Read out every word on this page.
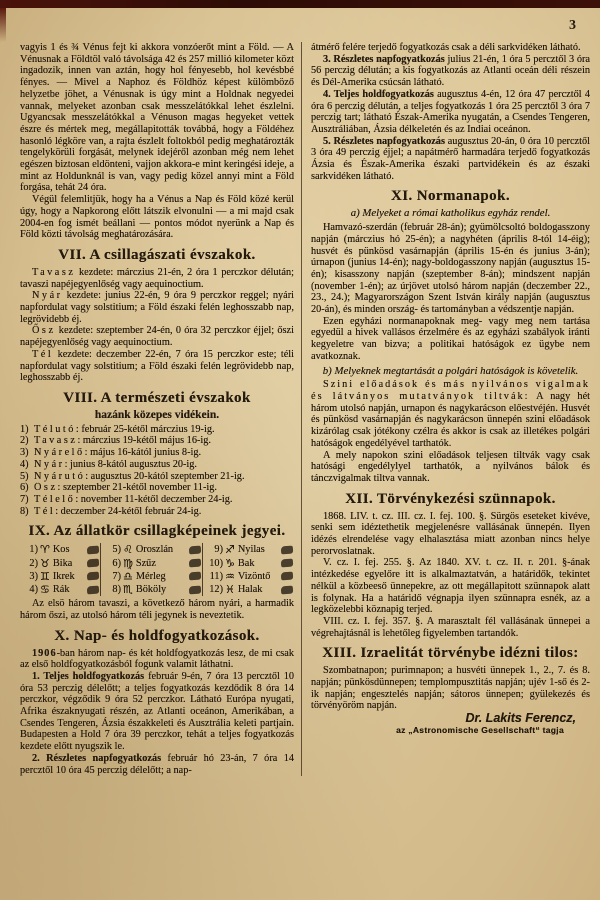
3

vagyis 1 és ¾ Vénus fejt ki akkora vonzóerőt mint a Föld. — A Vénusnak a Földtöl való távolsága 42 és 257 millió kilometer közt ingadozik, innen van aztán, hogy hol fényesebb, hol kevésbbé fényes. — Mivel a Naphoz és Földhöz képest külömböző helyzetbe jöhet, a Vénusnak is úgy mint a Holdnak negyedei vannak, melyeket azonban csak messzelátókkal lehet észlelni. Ugyancsak messzelátókkal a Vénuson magas hegyeket vettek észre és mértek meg, megállapitották továbbá, hogy a Földéhez hasonló légköre van, a rajta észlelt foltokból pedig meghatározták tengelykörüli forgását, melynek idejéről azonban még nem lehet egészen biztosan eldönteni, vajjon akkora-e mint keringési ideje, a mint az Holdunknál is van, vagy pedig közel annyi mint a Föld forgása, tehát 24 óra.

Végül felemlitjük, hogy ha a Vénus a Nap és Föld közé kerül úgy, hogy a Napkorong előtt látszik elvonulni — a mi majd csak 2004-en fog ismét beállani — pontos módot nyerünk a Nap és Föld közti távolság meghatározására.

VII. A csillagászati évszakok.

Tavasz kezdete: márczius 21-én, 2 óra 1 perczkor délután; tavaszi napéjegyenlőség vagy aequinoctium.

Nyár kezdete: junius 22-én, 9 óra 9 perczkor reggel; nyári napfordulat vagy solstitium; a Föld északi felén leghosszabb nap, legrövidebb éj.

Ősz kezdete: szeptember 24-én, 0 óra 32 perczkor éjjel; őszi napéjegyenlőség vagy aequinoctium.

Tél kezdete: deczember 22-én, 7 óra 15 perczkor este; téli napfordulat vagy solstitium; a Föld északi felén legrövidebb nap, leghosszabb éj.

VIII. A természeti évszakok

hazánk közepes vidékein.

1) Télutó: február 25-kétől márczius 19-ig.
2) Tavasz: márczius 19-kétől május 16-ig.
3) Nyárelő: május 16-kától junius 8-ig.
4) Nyár: junius 8-kától augusztus 20-ig.
5) Nyárutó: augusztus 20-kától szeptember 21-ig.
6) Ősz: szeptember 21-kétől november 11-ig.
7) Télelő: november 11-kétől deczember 24-ig.
8) Tél: deczember 24-kétől február 24-ig.
IX. Az állatkör csillagképeinek jegyei.
1) ♈ Kos
2) ♉ Bika
3) ♊ Ikrek
4) ♋ Rák
5) ♌ Oroszlán
6) ♍ Szűz
7) ♎ Mérleg
8) ♏ Bököly
9) ♐ Nyilas
10) ♑ Bak
11) ♒ Vizöntő
12) ♓ Halak

Az elsö három tavaszi, a következő három nyári, a harmadik három őszi, az utolsó három téli jegynek is neveztetik.

X. Nap- és holdfogyatkozások.

1906-ban három nap- és két holdfogyatkozás lesz, de mi csak az első holdfogyatkozásból fogunk valamit láthatni.

1. Teljes holdfogyatkozás február 9-én, 7 óra 13 percztől 10 óra 53 perczig délelőtt; a teljes fogyatkozás kezdődik 8 óra 14 perczkor, végződik 9 óra 52 perczkor. Látható Európa nyugati, Afrika északnyugati részén, az Atlanti oceánon, Amerikában, a Csendes Tengeren, Ázsia északkeleti és Ausztrália keleti partjain. Budapesten a Hold 7 óra 39 perczkor, tehát a teljes fogyatkozás kezdete előtt nyugszik le.

2. Részletes napfogyatkozás február hó 23-án, 7 óra 14 percztől 10 óra 45 perczig délelőtt; a nap-

átmérő felére terjedő fogyatkozás csak a déli sarkvidéken látható.

3. Részletes napfogyatkozás julius 21-én, 1 óra 5 percztől 3 óra 56 perczig délután; a kis fogyatkozás az Atlanti oceán déli részein és Dél-Amerika csúcsán látható.

4. Teljes holdfogyatkozás augusztus 4-én, 12 óra 47 percztől 4 óra 6 perczig délután, a teljes fogyatkozás 1 óra 25 percztől 3 óra 7 perczig tart; látható Észak-Amerika nyugatán, a Csendes Tengeren, Ausztráliában, Ázsia délkeletén és az Indiai oceánon.

5. Részletes napfogyatkozás augusztus 20-án, 0 óra 10 percztől 3 óra 49 perczig éjjel; a napátmérő harmadára terjedő fogyatkozás Ázsia és Észak-Amerika északi partvidékein és az északi sarkvidéken látható.

XI. Normanapok.

a) Melyeket a római katholikus egyház rendel.

Hamvazó-szerdán (február 28-án); gyümölcsoltó boldogasszony napján (márczius hó 25-én); a nagyhéten (április 8-tól 14-éig); husvét és pünkösd vasárnapján (április 15-én és junius 3-án); úrnapon (junius 14-én); nagy-boldogasszony napján (augusztus 15-én); kisasszony napján (szeptember 8-án); mindszent napján (november 1-én); az úrjövet utolsó három napján (deczember 22., 23., 24.); Magyarországon Szent István király napján (augusztus 20-án), és minden ország- és tartományban a védszentje napján.

Ezen egyházi normanapoknak meg- vagy meg nem tartása egyedül a hivek vallásos érzelmére és az egyházi szabályok iránti kegyeletre van bizva; a politikai hatóságok ez ügybe nem avatkoznak.

b) Melyeknek megtartását a polgári hatóságok is követelik.

Szini előadások és más nyilvános vigalmak és látványos mutatványok tiltvák: A nagy hét három utolsó napján, urnapon és nagykarácson előestvéjén. Husvét és pünkösd vasárnapján és nagykarácson ünnepén szini előadások kizárólag csak jótékony czélra és akkor is csak az illetékes polgári hatóságok engedélyével tarthatók.

A mely napokon szini előadások teljesen tiltvák vagy csak hatósági engedélylyel tarthatók, a nyilvános bálok és tánczvigalmak tiltva vannak.

XII. Törvénykezési szünnapok.

1868. LIV. t. cz. III. cz. I. fej. 100. §. Sürgös eseteket kivéve, senki sem idéztethetik megjelenésre vallásának ünnepén. Ilyen idézés elrendelése vagy elhalasztása miatt azonban nincs helye perorvoslatnak.

V. cz. I. fej. 255. §. Az 1840. XV. t. cz. II. r. 201. §-ának intézkedése egyelőre itt is alkalmaztatván, a határidők, tekintet nélkül a közbeeső ünnepekre, az ott megállapitott szünnapok alatt is folynak. Ha a határidő végnapja ilyen szünnapra esnék, az a legközelebbi köznapig terjed.

VIII. cz. I. fej. 357. §. A marasztalt fél vallásának ünnepei a végrehajtásnál is lehetőleg figyelemben tartandók.

XIII. Izraelitát törvénybe idézni tilos:

Szombatnapon; purimnapon; a husvéti ünnepek 1., 2., 7. és 8. napján; pünkösdünnepen; templompusztitás napján; ujév 1-ső és 2-ik napján; engesztelés napján; sátoros ünnepen; gyülekezés és törvényöröm napján.

Dr. Lakits Ferencz,

az „Astronomische Gesellschaft“ tagja
